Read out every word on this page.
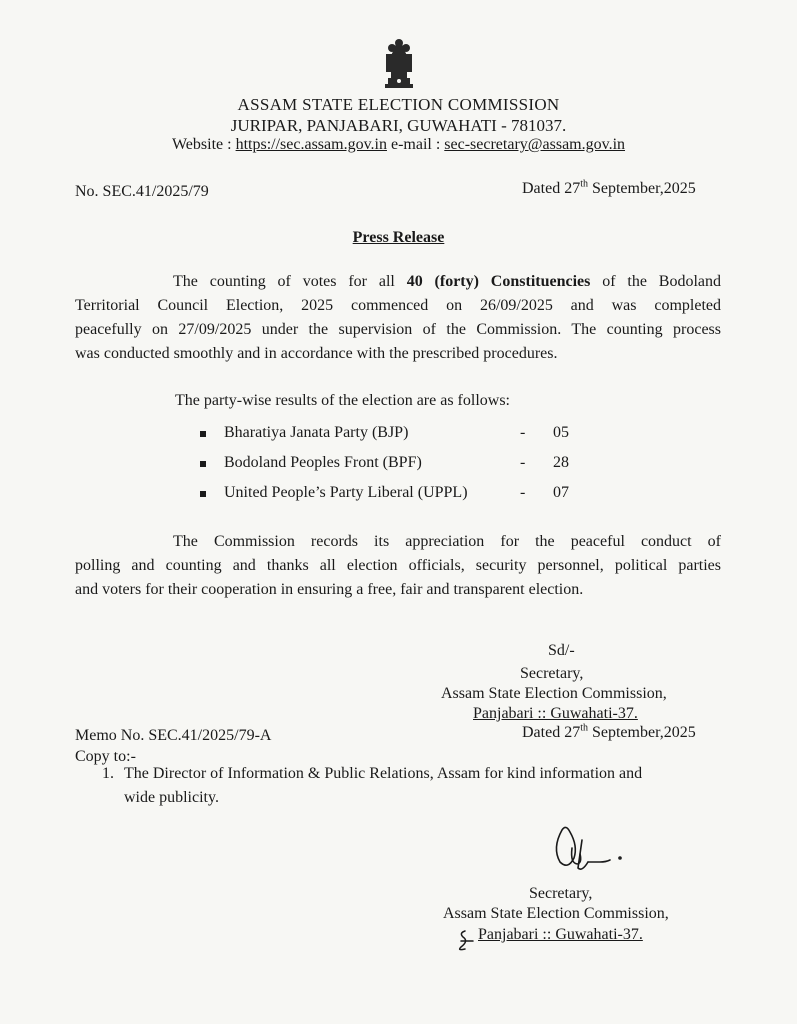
ASSAM STATE ELECTION COMMISSION
JURIPAR, PANJABARI, GUWAHATI - 781037.
Website : https://sec.assam.gov.in e-mail : sec-secretary@assam.gov.in
No. SEC.41/2025/79	Dated 27th September,2025
Press Release
The counting of votes for all 40 (forty) Constituencies of the Bodoland
Territorial Council Election, 2025 commenced on 26/09/2025 and was completed
peacefully on 27/09/2025 under the supervision of the Commission. The counting process
was conducted smoothly and in accordance with the prescribed procedures.
The party-wise results of the election are as follows:
Bharatiya Janata Party (BJP)	- 05
Bodoland Peoples Front (BPF)	- 28
United People’s Party Liberal (UPPL)	- 07
The Commission records its appreciation for the peaceful conduct of
polling and counting and thanks all election officials, security personnel, political parties
and voters for their cooperation in ensuring a free, fair and transparent election.
Sd/-
Secretary,
Assam State Election Commission,
Panjabari :: Guwahati-37.
Memo No. SEC.41/2025/79-A	Dated 27th September,2025
Copy to:-
1. The Director of Information & Public Relations, Assam for kind information and
wide publicity.
Secretary,
Assam State Election Commission,
Panjabari :: Guwahati-37.
